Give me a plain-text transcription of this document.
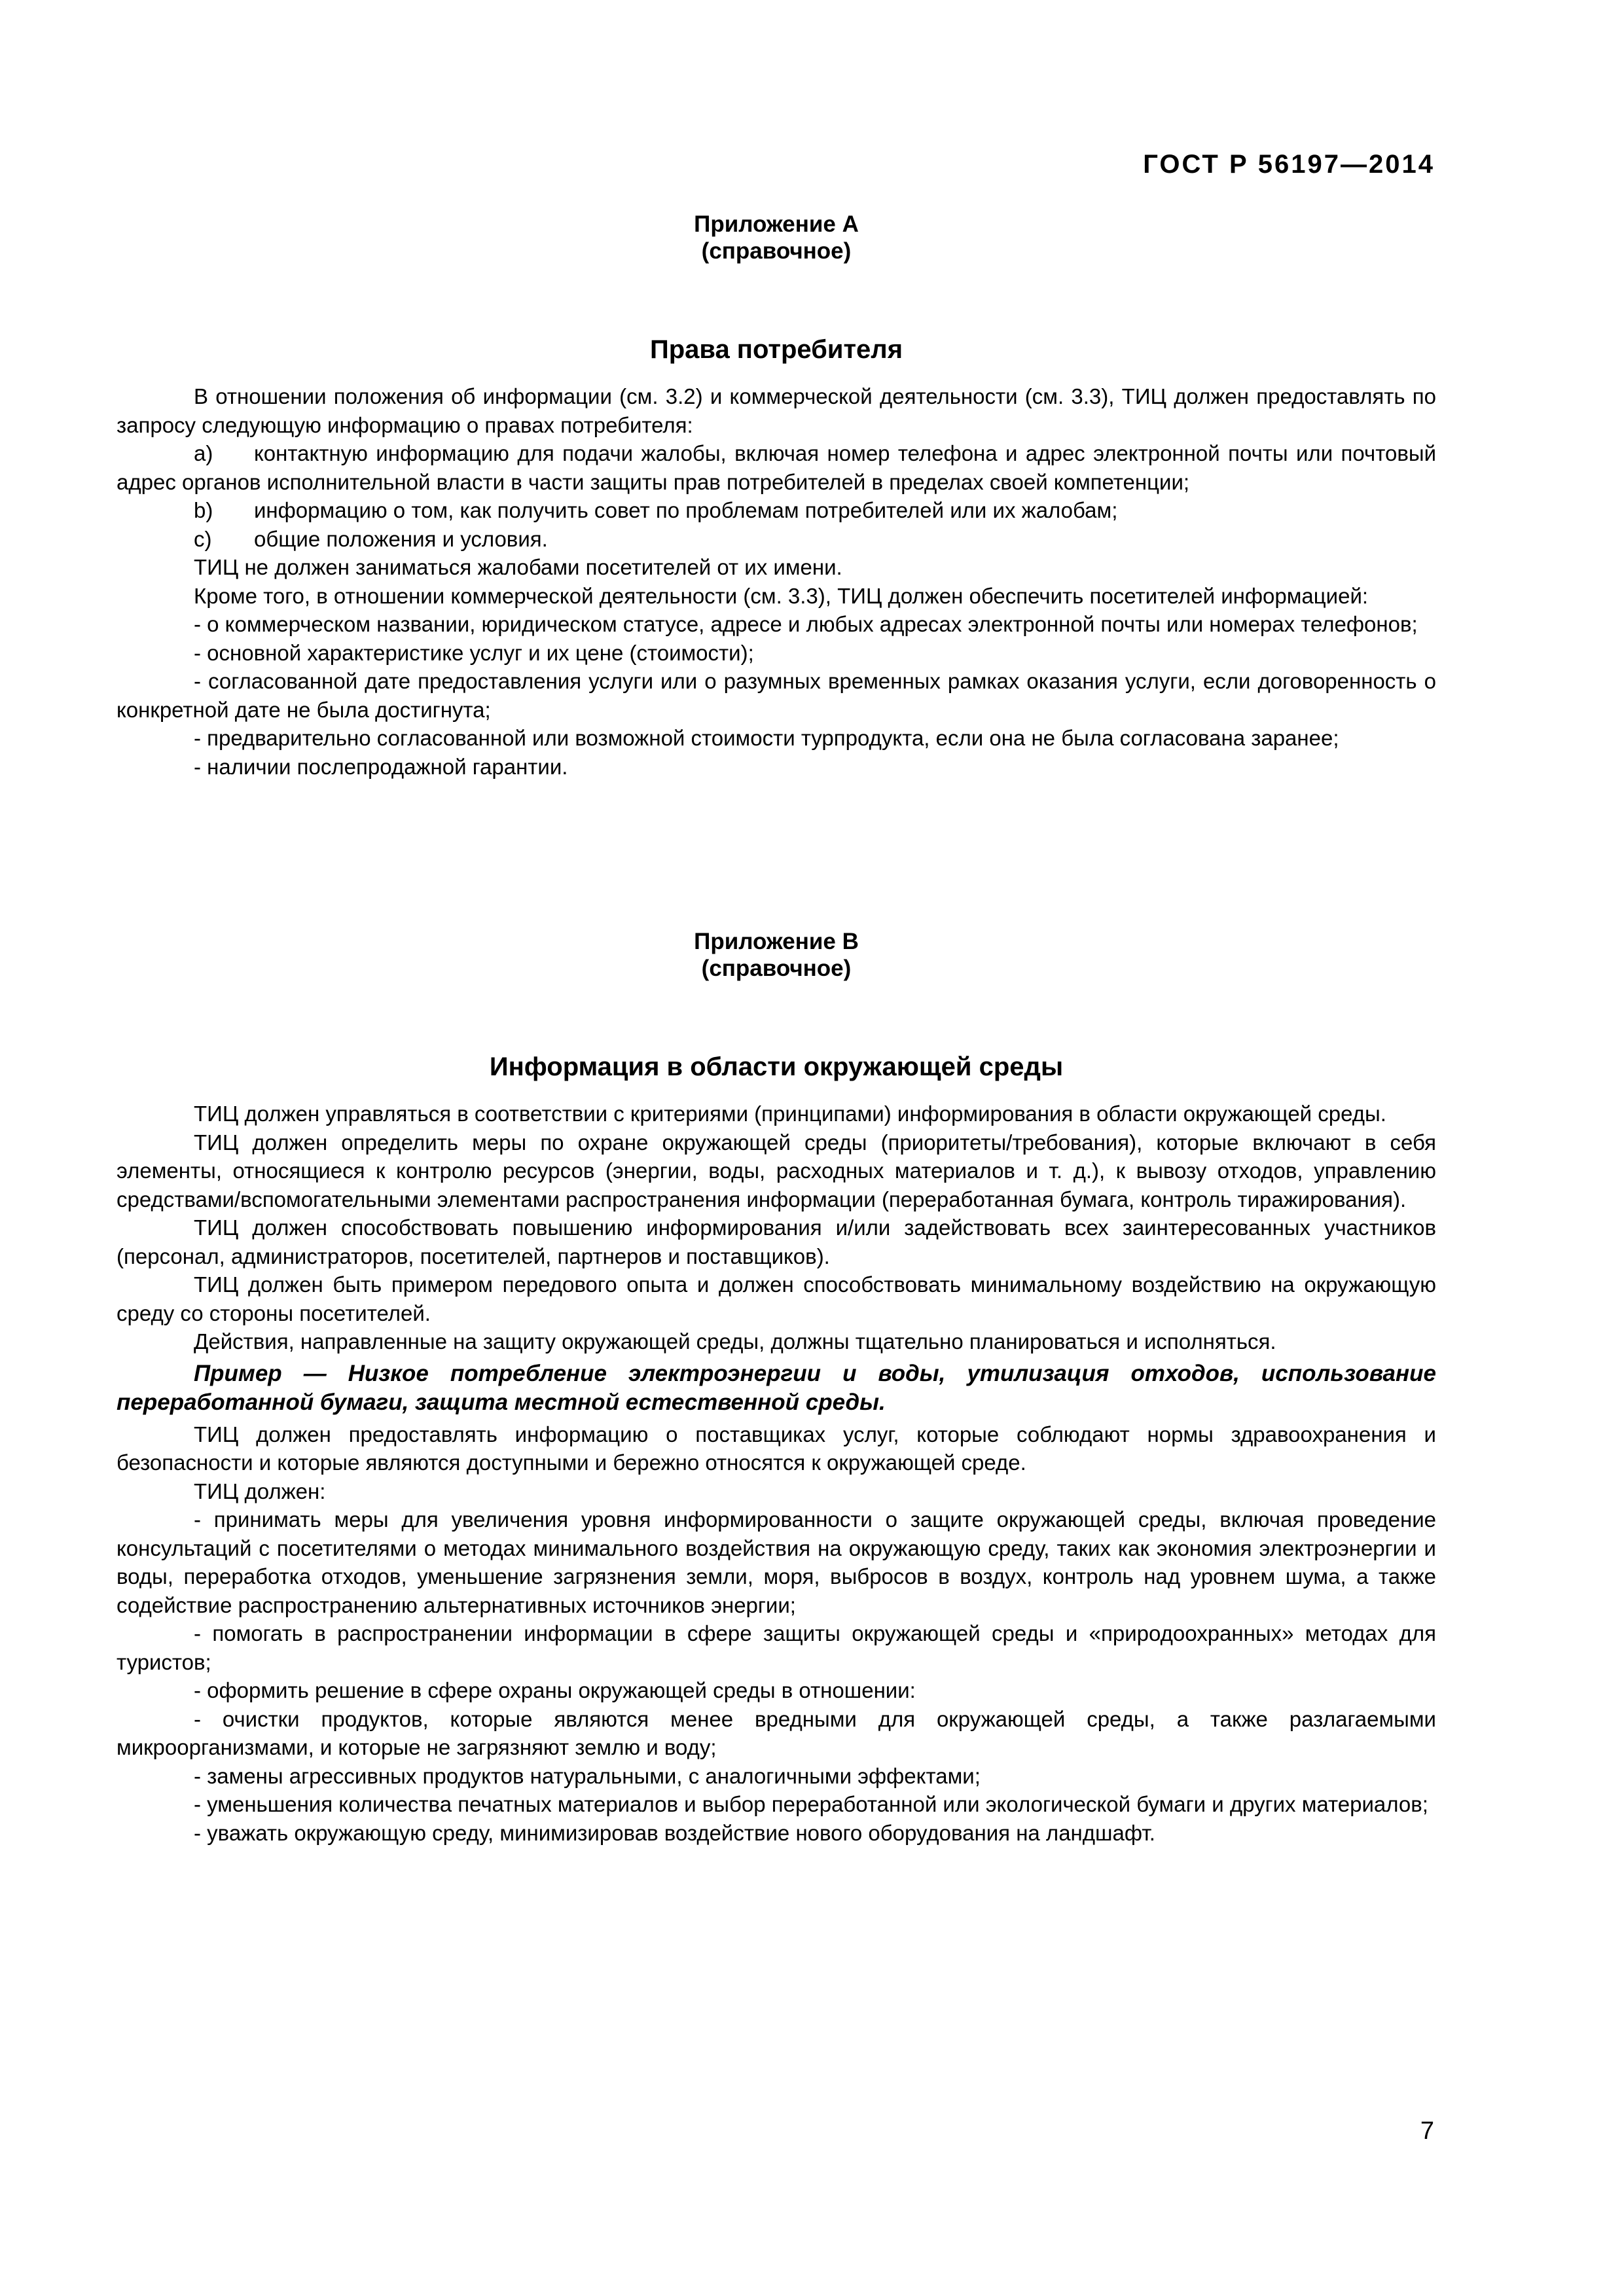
ГОСТ Р 56197—2014
Приложение А
(справочное)
Права потребителя

В отношении положения об информации (см. 3.2) и коммерческой деятельности (см. 3.3), ТИЦ должен предоставлять по запросу следующую информацию о правах потребителя:

a) контактную информацию для подачи жалобы, включая номер телефона и адрес электронной почты или почтовый адрес органов исполнительной власти в части защиты прав потребителей в пределах своей компетенции;

b) информацию о том, как получить совет по проблемам потребителей или их жалобам;

c) общие положения и условия.

ТИЦ не должен заниматься жалобами посетителей от их имени.

Кроме того, в отношении коммерческой деятельности (см. 3.3), ТИЦ должен обеспечить посетителей информацией:

- о коммерческом названии, юридическом статусе, адресе и любых адресах электронной почты или номерах телефонов;

- основной характеристике услуг и их цене (стоимости);

- согласованной дате предоставления услуги или о разумных временных рамках оказания услуги, если договоренность о конкретной дате не была достигнута;

- предварительно согласованной или возможной стоимости турпродукта, если она не была согласована заранее;

- наличии послепродажной гарантии.

Приложение В
(справочное)
Информация в области окружающей среды

ТИЦ должен управляться в соответствии с критериями (принципами) информирования в области окружающей среды.

ТИЦ должен определить меры по охране окружающей среды (приоритеты/требования), которые включают в себя элементы, относящиеся к контролю ресурсов (энергии, воды, расходных материалов и т. д.), к вывозу отходов, управлению средствами/вспомогательными элементами распространения информации (переработанная бумага, контроль тиражирования).

ТИЦ должен способствовать повышению информирования и/или задействовать всех заинтересованных участников (персонал, администраторов, посетителей, партнеров и поставщиков).

ТИЦ должен быть примером передового опыта и должен способствовать минимальному воздействию на окружающую среду со стороны посетителей.

Действия, направленные на защиту окружающей среды, должны тщательно планироваться и исполняться.

Пример — Низкое потребление электроэнергии и воды, утилизация отходов, использование переработанной бумаги, защита местной естественной среды.

ТИЦ должен предоставлять информацию о поставщиках услуг, которые соблюдают нормы здравоохранения и безопасности и которые являются доступными и бережно относятся к окружающей среде.

ТИЦ должен:

- принимать меры для увеличения уровня информированности о защите окружающей среды, включая проведение консультаций с посетителями о методах минимального воздействия на окружающую среду, таких как экономия электроэнергии и воды, переработка отходов, уменьшение загрязнения земли, моря, выбросов в воздух, контроль над уровнем шума, а также содействие распространению альтернативных источников энергии;

- помогать в распространении информации в сфере защиты окружающей среды и «природоохранных» методах для туристов;

- оформить решение в сфере охраны окружающей среды в отношении:

- очистки продуктов, которые являются менее вредными для окружающей среды, а также разлагаемыми микроорганизмами, и которые не загрязняют землю и воду;

- замены агрессивных продуктов натуральными, с аналогичными эффектами;

- уменьшения количества печатных материалов и выбор переработанной или экологической бумаги и других материалов;

- уважать окружающую среду, минимизировав воздействие нового оборудования на ландшафт.

7
